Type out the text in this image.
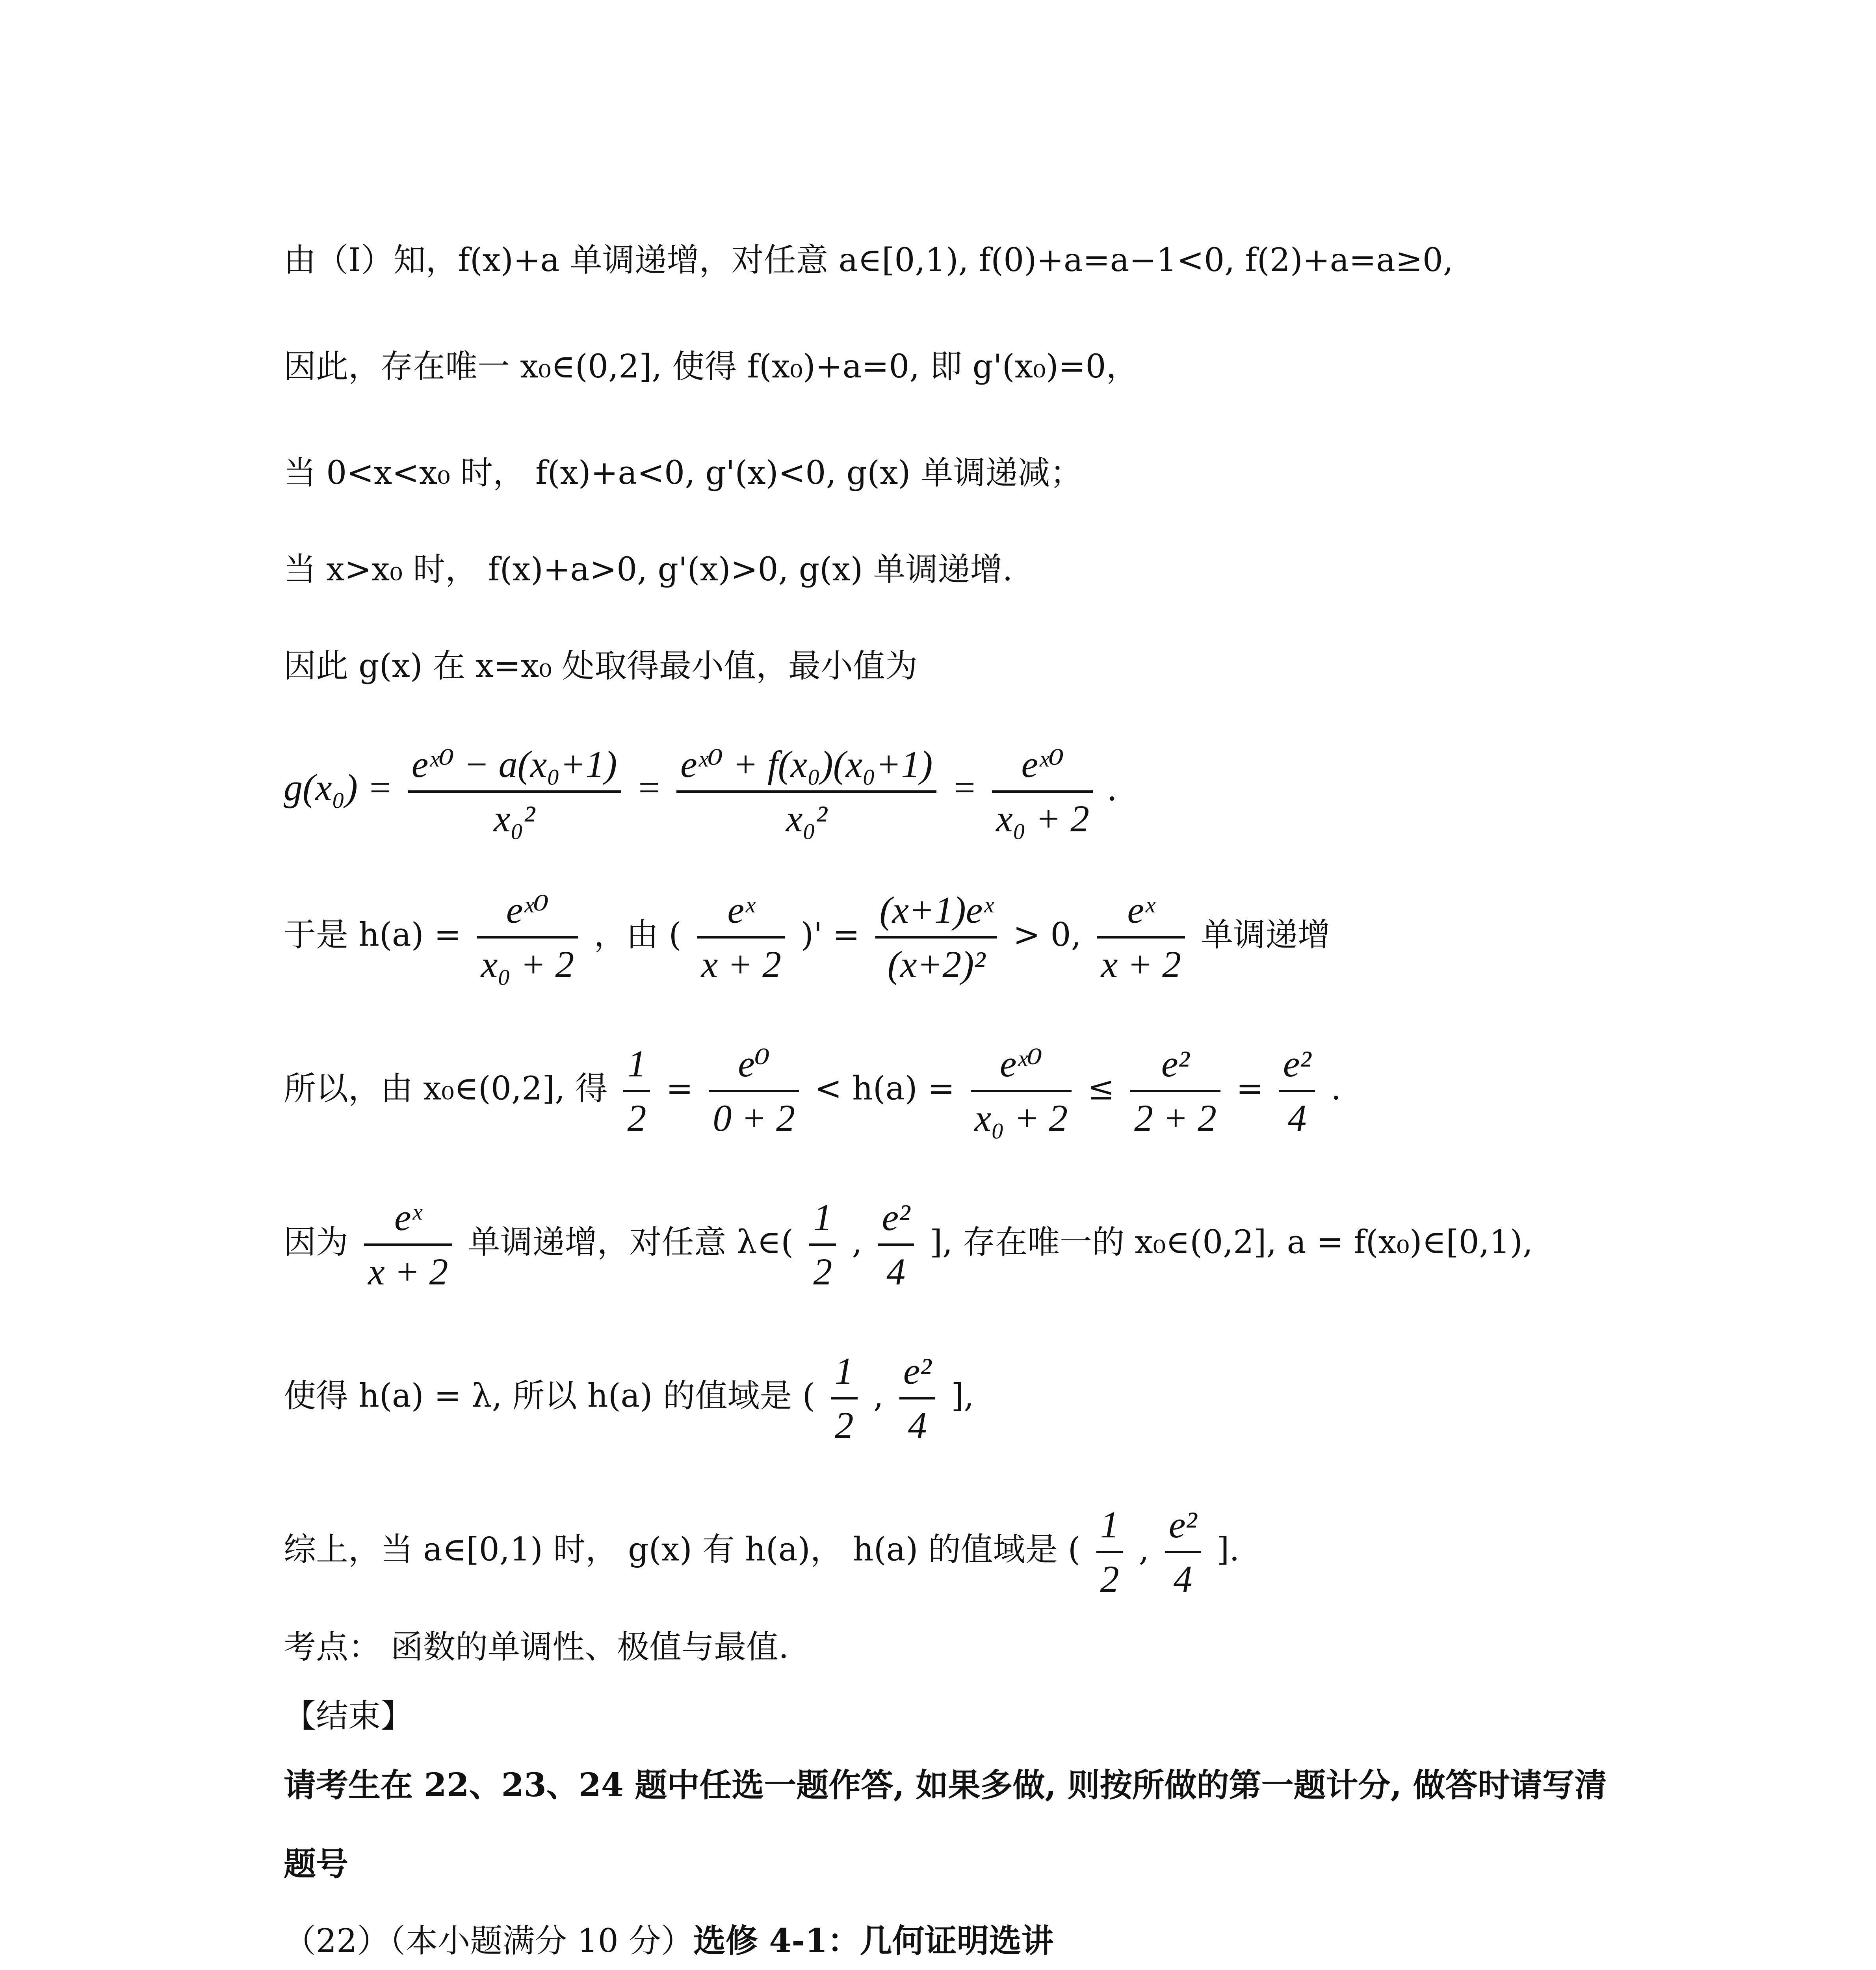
由（I）知，f(x)+a 单调递增，对任意 a∈[0,1), f(0)+a=a−1<0, f(2)+a=a≥0,
因此，存在唯一 x₀∈(0,2], 使得 f(x₀)+a=0, 即 g'(x₀)=0，
当 0<x<x₀ 时， f(x)+a<0, g'(x)<0, g(x) 单调递减；
当 x>x₀ 时， f(x)+a>0, g'(x)>0, g(x) 单调递增.
因此 g(x) 在 x=x₀ 处取得最小值，最小值为
$g(x_0) = \frac{\text{eˣ⁰ − a(x₀+1)}}{\text{x₀²}} = \frac{\text{eˣ⁰ + f(x₀)(x₀+1)}}{\text{x₀²}} = \frac{\text{eˣ⁰}}{\text{x₀ + 2}}$ .
于是 $h(a) = \frac{\text{eˣ⁰}}{\text{x₀ + 2}}$ ，由 ( $\frac{\text{eˣ}}{x + 2}$ )' = $\frac{\text{(x+1)eˣ}}{\text{(x+2)²}} > 0$, $\frac{\text{eˣ}}{x + 2}$ 单调递增
所以，由 x₀∈(0,2], 得 $\frac{1}{2} = \frac{\text{e⁰}}{0 + 2} < h(a) = \frac{\text{eˣ⁰}}{\text{x₀ + 2}} \le \frac{\text{e²}}{2 + 2} = \frac{\text{e²}}{4}$ .
因为 $\frac{\text{eˣ}}{x + 2}$ 单调递增，对任意 λ∈( $\frac{1}{2}$ , $\frac{\text{e²}}{4}$ ], 存在唯一的 x₀∈(0,2], a = f(x₀)∈[0,1),
使得 h(a) = λ, 所以 h(a) 的值域是 ( $\frac{1}{2}$ , $\frac{\text{e²}}{4}$ ],
综上，当 a∈[0,1) 时， g(x) 有 h(a)， h(a) 的值域是 ( $\frac{1}{2}$ , $\frac{\text{e²}}{4}$ ].
考点： 函数的单调性、极值与最值.
【结束】
请考生在 22、23、24 题中任选一题作答, 如果多做, 则按所做的第一题计分, 做答时请写清
题号
（22）（本小题满分 10 分）选修 4-1：几何证明选讲
